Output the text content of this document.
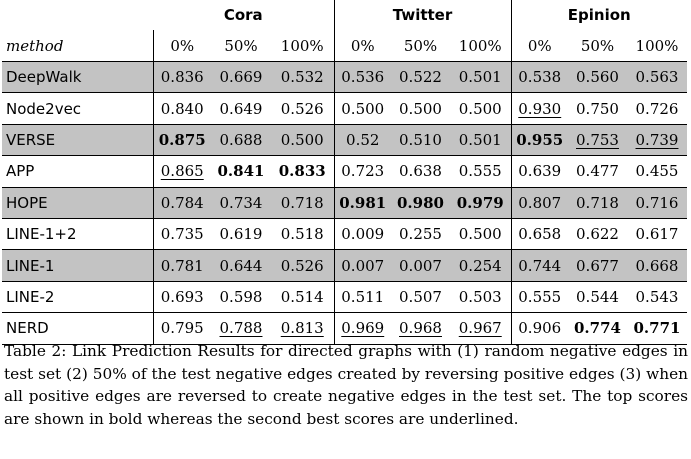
	Cora			Twitter			Epinion		
method	0%	50%	100%	0%	50%	100%	0%	50%	100%
DeepWalk	0.836	0.669	0.532	0.536	0.522	0.501	0.538	0.560	0.563
Node2vec	0.840	0.649	0.526	0.500	0.500	0.500	0.930	0.750	0.726
VERSE	0.875	0.688	0.500	0.52	0.510	0.501	0.955	0.753	0.739
APP	0.865	0.841	0.833	0.723	0.638	0.555	0.639	0.477	0.455
HOPE	0.784	0.734	0.718	0.981	0.980	0.979	0.807	0.718	0.716
LINE-1+2	0.735	0.619	0.518	0.009	0.255	0.500	0.658	0.622	0.617
LINE-1	0.781	0.644	0.526	0.007	0.007	0.254	0.744	0.677	0.668
LINE-2	0.693	0.598	0.514	0.511	0.507	0.503	0.555	0.544	0.543
NERD	0.795	0.788	0.813	0.969	0.968	0.967	0.906	0.774	0.771

Table 2: Link Prediction Results for directed graphs with (1) random negative edges in test set (2) 50% of the test negative edges created by reversing positive edges (3) when all positive edges are reversed to create negative edges in the test set. The top scores are shown in bold whereas the second best scores are underlined.
